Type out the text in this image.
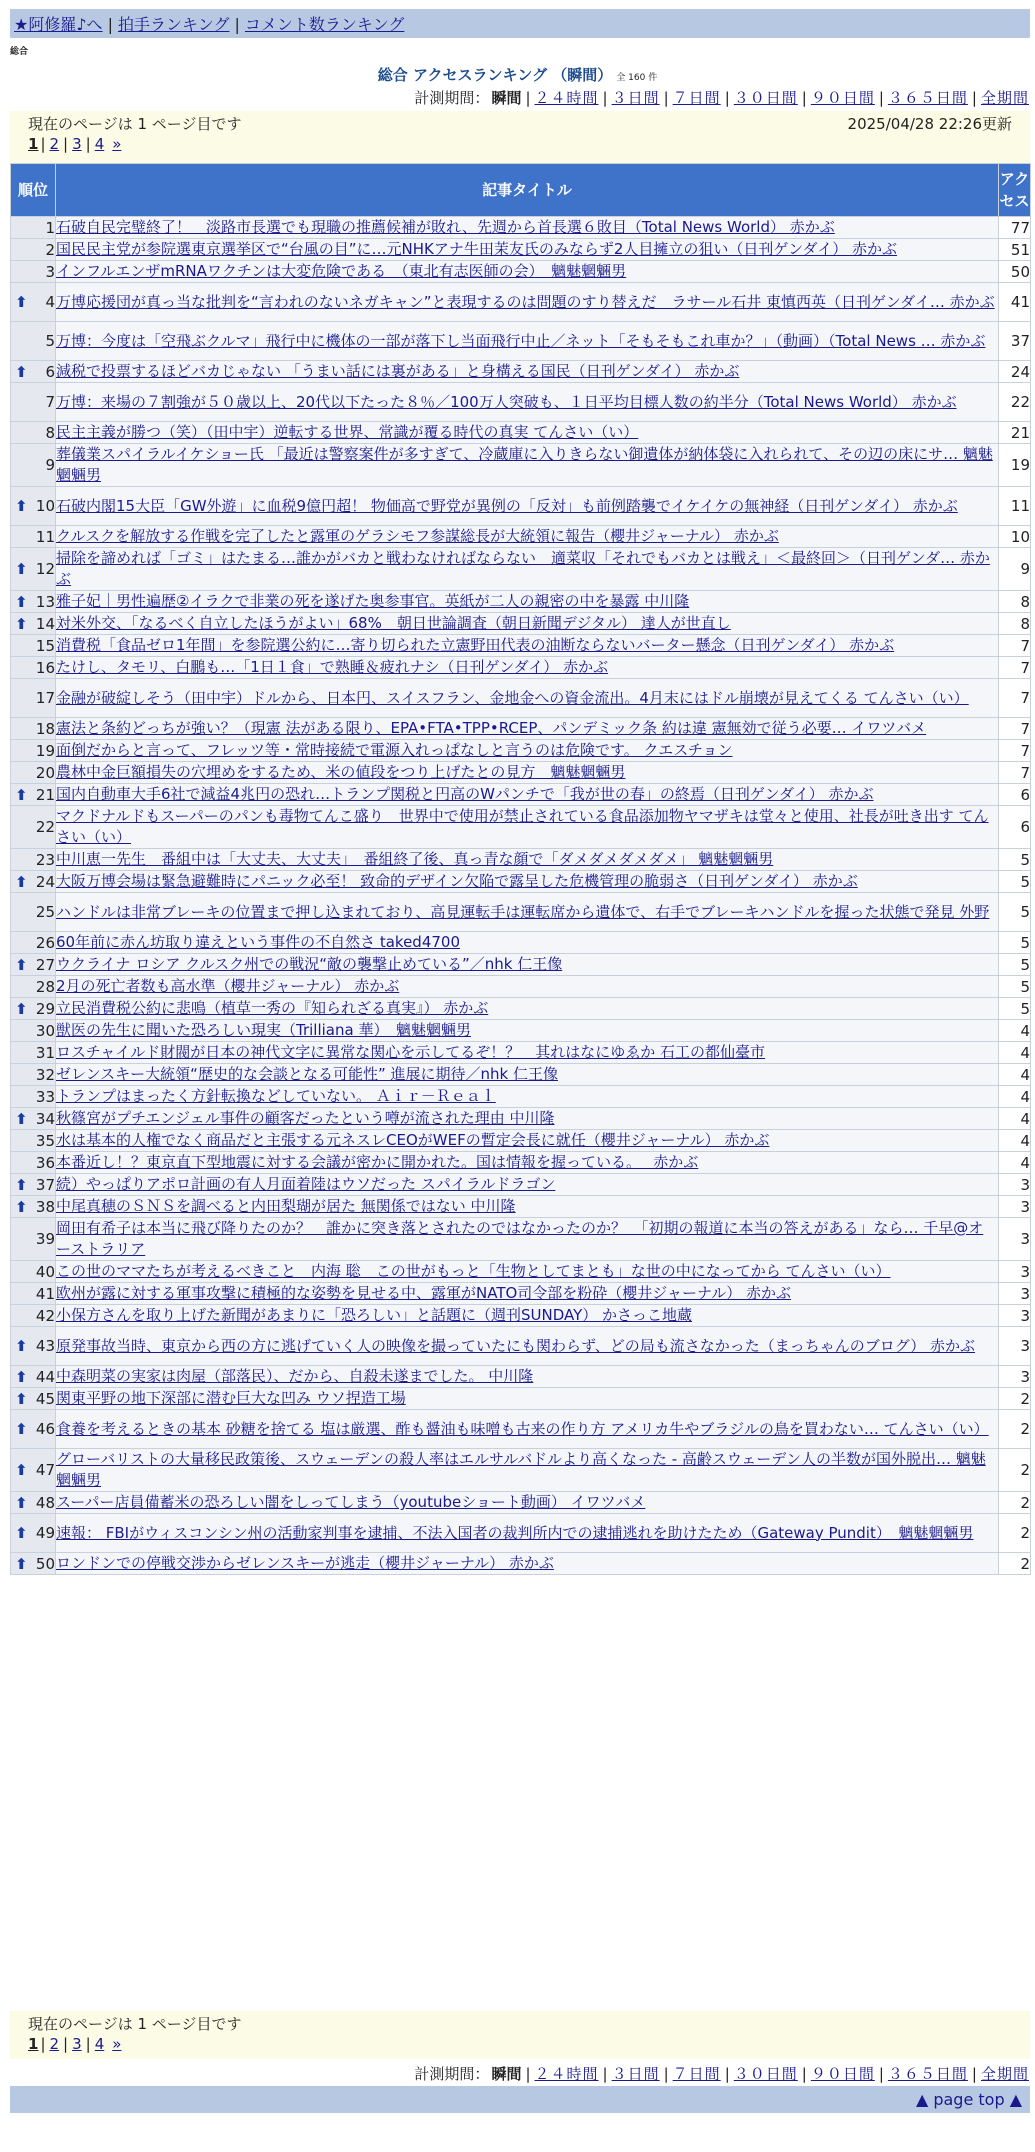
★阿修羅♪へ | 拍手ランキング | コメント数ランキング
総合
総合 アクセスランキング （瞬間） 全 160 件
計測期間： 瞬間 | ２４時間 | ３日間 | ７日間 | ３０日間 | ９０日間 | ３６５日間 | 全期間
現在のページは 1 ページ目です	2025/04/28 22:26更新
1 | 2 | 3 | 4 »
順位	記事タイトル	アクセス
1	石破自民完璧終了！　淡路市長選でも現職の推薦候補が敗れ、先週から首長選６敗目（Total News World） 赤かぶ	77
2	国民民主党が参院選東京選挙区で“台風の目”に…元NHKアナ牛田茉友氏のみならず2人目擁立の狙い（日刊ゲンダイ） 赤かぶ	51
3	インフルエンザmRNAワクチンは大変危険である　（東北有志医師の会）　魑魅魍魎男	50

⬆ 4	万博応援団が真っ当な批判を“言われのないネガキャン”と表現するのは問題のすり替えだ　ラサール石井 東慎西英（日刊ゲンダイ… 赤かぶ	41
5	万博：今度は「空飛ぶクルマ」飛行中に機体の一部が落下し当面飛行中止／ネット「そもそもこれ車か？」（動画）（Total News … 赤かぶ	37

⬆ 6	減税で投票するほどバカじゃない 「うまい話には裏がある」と身構える国民（日刊ゲンダイ） 赤かぶ	24
7	万博：来場の７割強が５０歳以上、20代以下たった８％／100万人突破も、１日平均目標人数の約半分（Total News World） 赤かぶ	22
8	民主主義が勝つ（笑）（田中宇）逆転する世界、常識が覆る時代の真実 てんさい（い）	21
9	葬儀業スパイラルイケショー氏 「最近は警察案件が多すぎて、冷蔵庫に入りきらない御遺体が納体袋に入れられて、その辺の床にサ… 魑魅魍魎男	19

⬆ 10	石破内閣15大臣「GW外遊」に血税9億円超！ 物価高で野党が異例の「反対」も前例踏襲でイケイケの無神経（日刊ゲンダイ） 赤かぶ	11
11	クルスクを解放する作戦を完了したと露軍のゲラシモフ参謀総長が大統領に報告（櫻井ジャーナル） 赤かぶ	10

⬆ 12	掃除を諦めれば「ゴミ」はたまる…誰かがバカと戦わなければならない　適菜収「それでもバカとは戦え」＜最終回＞（日刊ゲンダ… 赤かぶ	9

⬆ 13	雅子妃｜男性遍歴②イラクで非業の死を遂げた奥参事官。英紙が二人の親密の中を暴露 中川隆	8

⬆ 14	対米外交、「なるべく自立したほうがよい」68%　朝日世論調査（朝日新聞デジタル） 達人が世直し	8
15	消費税「食品ゼロ1年間」を参院選公約に…寄り切られた立憲野田代表の油断ならないバーター懸念（日刊ゲンダイ） 赤かぶ	7
16	たけし、タモリ、白鵬も…「1日１食」で熟睡＆疲れナシ（日刊ゲンダイ） 赤かぶ	7
17	金融が破綻しそう（田中宇）ドルから、日本円、スイスフラン、金地金への資金流出。4月末にはドル崩壊が見えてくる てんさい（い）	7
18	憲法と条約どっちが強い？（現憲 法がある限り、EPA•FTA•TPP•RCEP、パンデミック条 約は違 憲無効で従う必要… イワツバメ	7
19	面倒だからと言って、フレッツ等・常時接続で電源入れっぱなしと言うのは危険です。 クエスチョン	7
20	農林中金巨額損失の穴埋めをするため、米の値段をつり上げたとの見方　魑魅魍魎男	7

⬆ 21	国内自動車大手6社で減益4兆円の恐れ…トランプ関税と円高のWパンチで「我が世の春」の終焉（日刊ゲンダイ） 赤かぶ	6
22	マクドナルドもスーパーのパンも毒物てんこ盛り　世界中で使用が禁止されている食品添加物ヤマザキは堂々と使用、社長が吐き出す てんさい（い）	6
23	中川恵一先生　番組中は「大丈夫、大丈夫」　番組終了後、真っ青な顔で「ダメダメダメダメ」 魑魅魍魎男	5

⬆ 24	大阪万博会場は緊急避難時にパニック必至！ 致命的デザイン欠陥で露呈した危機管理の脆弱さ（日刊ゲンダイ） 赤かぶ	5
25	ハンドルは非常ブレーキの位置まで押し込まれており、高見運転手は運転席から遺体で、右手でブレーキハンドルを握った状態で発見 外野	5
26	60年前に赤ん坊取り違えという事件の不自然さ taked4700	5

⬆ 27	ウクライナ ロシア クルスク州での戦況“敵の襲撃止めている”／nhk 仁王像	5
28	2月の死亡者数も高水準（櫻井ジャーナル） 赤かぶ	5

⬆ 29	立民消費税公約に悲鳴（植草一秀の『知られざる真実』） 赤かぶ	5
30	獣医の先生に聞いた恐ろしい現実（Trilliana 華）　魑魅魍魎男	4
31	ロスチャイルド財閥が日本の神代文字に異常な関心を示してるぞ！？　其れはなにゆゑか 石工の都仙臺市	4
32	ゼレンスキー大統領“歴史的な会談となる可能性” 進展に期待／nhk 仁王像	4
33	トランプはまったく方針転換などしていない。 Ａｉｒ－Ｒｅａｌ	4

⬆ 34	秋篠宮がプチエンジェル事件の顧客だったという噂が流された理由 中川隆	4
35	水は基本的人権でなく商品だと主張する元ネスレCEOがWEFの暫定会長に就任（櫻井ジャーナル） 赤かぶ	4
36	本番近し！？東京直下型地震に対する会議が密かに開かれた。国は情報を握っている。　 赤かぶ	4

⬆ 37	続）やっぱりアポロ計画の有人月面着陸はウソだった スパイラルドラゴン	3

⬆ 38	中尾真穂のＳＮＳを調べると内田梨瑚が居た 無関係ではない 中川隆	3
39	岡田有希子は本当に飛び降りたのか？　誰かに突き落とされたのではなかったのか？　「初期の報道に本当の答えがある」なら… 千早@オーストラリア	3
40	この世のママたちが考えるべきこと　内海 聡　この世がもっと「生物としてまとも」な世の中になってから てんさい（い）	3
41	欧州が露に対する軍事攻撃に積極的な姿勢を見せる中、露軍がNATO司令部を粉砕（櫻井ジャーナル） 赤かぶ	3
42	小保方さんを取り上げた新聞があまりに「恐ろしい」と話題に（週刊SUNDAY） かさっこ地蔵	3

⬆ 43	原発事故当時、東京から西の方に逃げていく人の映像を撮っていたにも関わらず、どの局も流さなかった（まっちゃんのブログ） 赤かぶ	3

⬆ 44	中森明菜の実家は肉屋（部落民）、だから、自殺未遂までした。 中川隆	3

⬆ 45	関東平野の地下深部に潜む巨大な凹み ウソ捏造工場	2

⬆ 46	食養を考えるときの基本 砂糖を捨てる 塩は厳選、酢も醤油も味噌も古来の作り方 アメリカ牛やブラジルの鳥を買わない… てんさい（い）	2

⬆ 47	グローバリストの大量移民政策後、スウェーデンの殺人率はエルサルバドルより高くなった - 高齢スウェーデン人の半数が国外脱出… 魑魅魍魎男	2

⬆ 48	スーパー店員備蓄米の恐ろしい闇をしってしまう（youtubeショート動画） イワツバメ	2

⬆ 49	速報： FBIがウィスコンシン州の活動家判事を逮捕、不法入国者の裁判所内での逮捕逃れを助けたため（Gateway Pundit）　魑魅魍魎男	2

⬆ 50	ロンドンでの停戦交渉からゼレンスキーが逃走（櫻井ジャーナル） 赤かぶ	2
現在のページは 1 ページ目です
1 | 2 | 3 | 4 »
計測期間： 瞬間 | ２４時間 | ３日間 | ７日間 | ３０日間 | ９０日間 | ３６５日間 | 全期間
▲ page top ▲
